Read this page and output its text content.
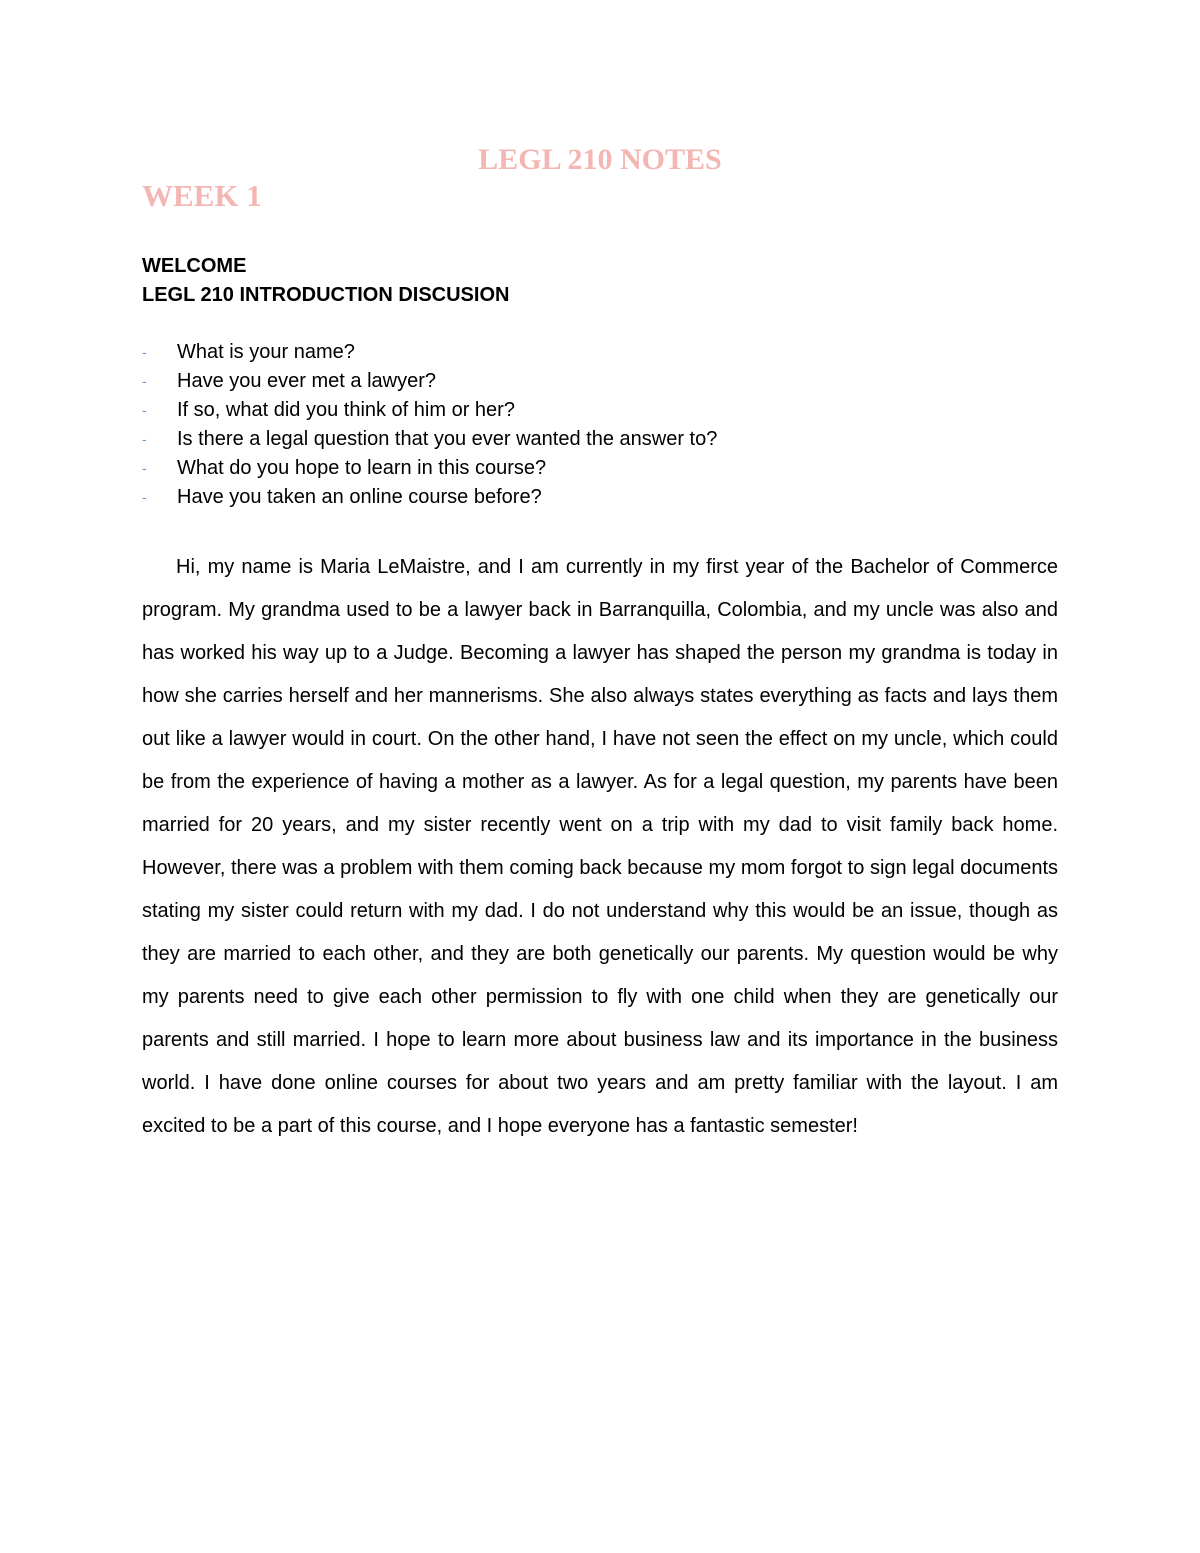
LEGL 210 NOTES
WEEK 1
WELCOME
LEGL 210 INTRODUCTION DISCUSION
-	What is your name?
-	Have you ever met a lawyer?
-	If so, what did you think of him or her?
-	Is there a legal question that you ever wanted the answer to?
-	What do you hope to learn in this course?
-	Have you taken an online course before?

Hi, my name is Maria LeMaistre, and I am currently in my first year of the Bachelor of Commerce program. My grandma used to be a lawyer back in Barranquilla, Colombia, and my uncle was also and has worked his way up to a Judge. Becoming a lawyer has shaped the person my grandma is today in how she carries herself and her mannerisms. She also always states everything as facts and lays them out like a lawyer would in court. On the other hand, I have not seen the effect on my uncle, which could be from the experience of having a mother as a lawyer. As for a legal question, my parents have been married for 20 years, and my sister recently went on a trip with my dad to visit family back home. However, there was a problem with them coming back because my mom forgot to sign legal documents stating my sister could return with my dad. I do not understand why this would be an issue, though as they are married to each other, and they are both genetically our parents. My question would be why my parents need to give each other permission to fly with one child when they are genetically our parents and still married. I hope to learn more about business law and its importance in the business world. I have done online courses for about two years and am pretty familiar with the layout. I am excited to be a part of this course, and I hope everyone has a fantastic semester!
